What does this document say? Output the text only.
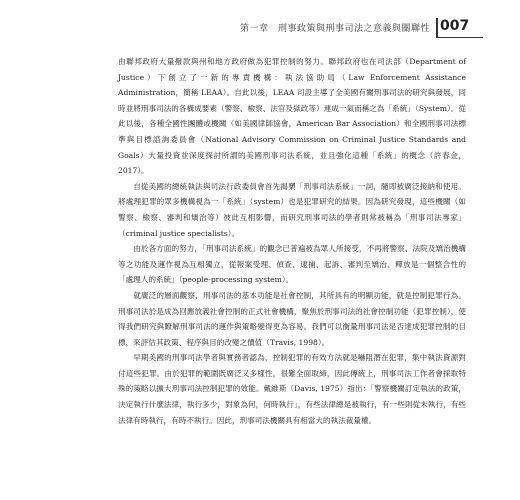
第一章　刑事政策與刑事司法之意義與關聯性 007

由聯邦政府大量撥款與州和地方政府做為犯罪控制的努力。聯邦政府也在司法部（Department of Justice）下創立了一新的專責機構：執法協助局（Law Enforcement Assistance Administration，簡稱 LEAA）。自此以後，LEAA 司設主導了全美國有關刑事司法的研究與發展，同時並將刑事司法的各構成要素（警察、檢察、法官及獄政等）連成一氣而稱之為「系統」（System）。從此以後，各種全國性團體或機關（如美國律師協會，American Bar Association）和全國刑事司法標準與目標諮詢委員會（National Advisory Commission on Criminal Justice Standards and Goals）大量投資並深度探討所謂的美國刑事司法系統，並且強化這種「系統」的概念（許春金，2017）。

自從美國的總統執法與司法行政委員會首先揭櫫「刑事司法系統」一詞，隨即被廣泛接納和使用。將處理犯罪的眾多機構視為一「系統」（system）也是犯罪研究的結果。因為研究發現，這些機關（如警察、檢察、審判和矯治等）彼此互相影響，而研究刑事司法的學者則常被稱為「刑事司法專家」（criminal justice specialists）。

由於各方面的努力，「刑事司法系統」的觀念已普遍被為眾人所接受，不再將警察、法院及矯治機構等之功能及運作視為互相獨立，從報案受理、偵查、逮捕、起訴、審判至矯治、釋放是一個整合性的「處理人的系統」（people-processing system）。

就廣泛的層面觀察，刑事司法的基本功能是社會控制，其所具有的明顯功能，就是控制犯罪行為。刑事司法於是成為回應放義社會控制的正式社會機構，聚焦於刑事司法的社會控制功能（犯罪控制），使得我們研究與瞭解刑事司法的運作與策略變得更為容易。我們可以衡量刑事司法是否達成犯罪控制的目標，來評估其政策、程序與目的改變之價值（Travis, 1998）。

早期美國的刑事司法學者與實務者認為，控制犯罪的有效方法就是嚇阻潛在犯罪，集中執法資源對付這些犯罪。由於犯罪的範圍既廣泛又多樣性，很難全面取締，因此傳統上，刑事司法工作者會採取特殊的策略以擴大刑事司法控制犯罪的效能。戴維斯（Davis, 1975）指出：「警察機關訂定執法的政策，決定執行什麼法律，執行多少，對象為何，何時執行」，有些法律總是被執行，有一些則從未執行，有些法律有時執行，有時不執行。因此，刑事司法機關具有相當大的執法裁量權。
